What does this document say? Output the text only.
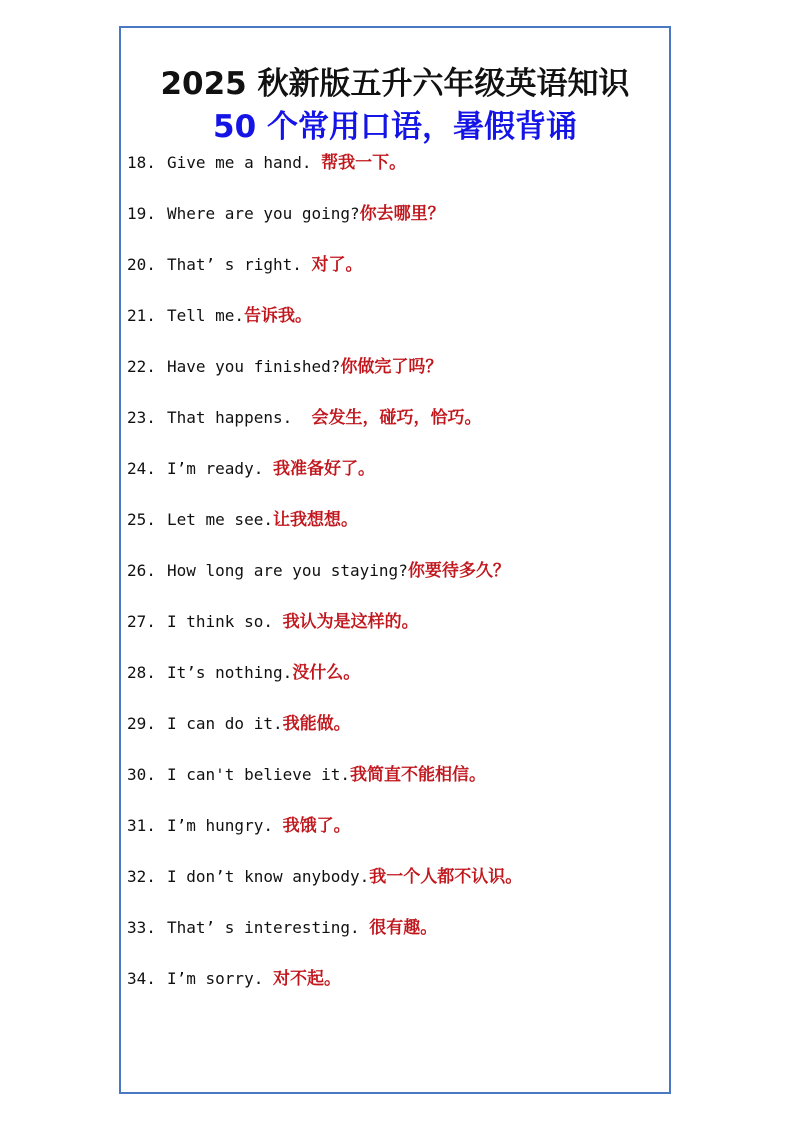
2025 秋新版五升六年级英语知识
50 个常用口语，暑假背诵
18. Give me a hand. 帮我一下。
19. Where are you going?你去哪里？
20. That’ s right. 对了。
21. Tell me.告诉我。
22. Have you finished?你做完了吗？
23. That happens.  会发生，碰巧，恰巧。
24. I’m ready. 我准备好了。
25. Let me see.让我想想。
26. How long are you staying?你要待多久？
27. I think so. 我认为是这样的。
28. It’s nothing.没什么。
29. I can do it.我能做。
30. I can't believe it.我简直不能相信。
31. I’m hungry. 我饿了。
32. I don’t know anybody.我一个人都不认识。
33. That’ s interesting. 很有趣。
34. I’m sorry. 对不起。
